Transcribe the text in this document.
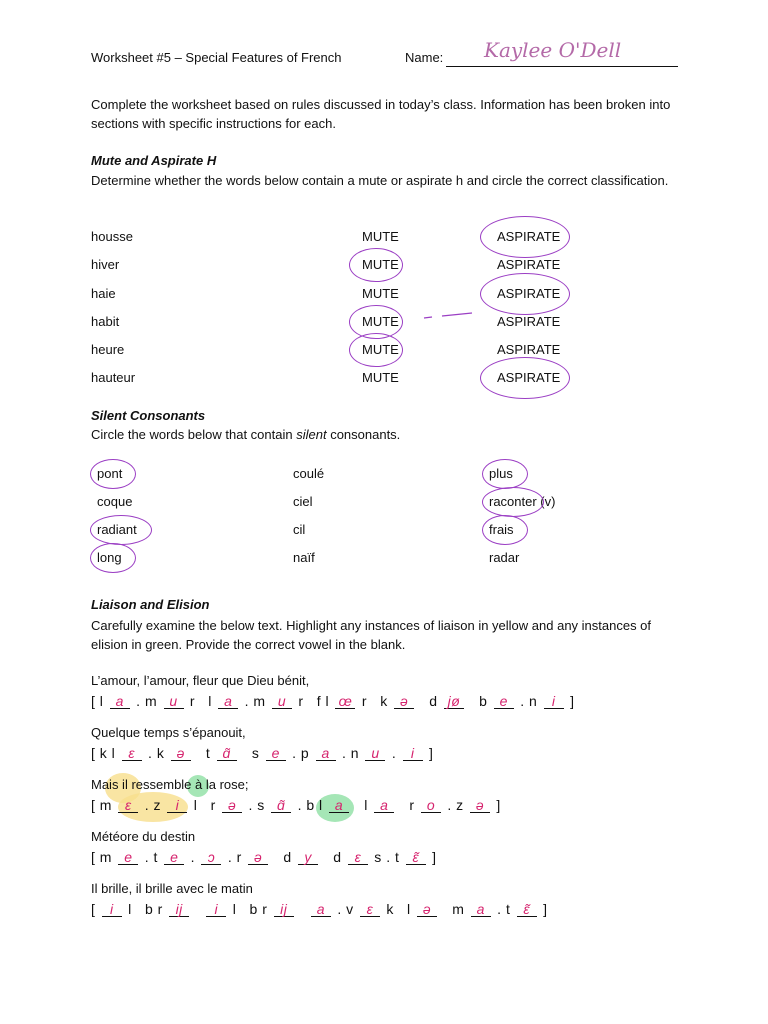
Worksheet #5 – Special Features of French	Name: Kaylee O'Dell
Complete the worksheet based on rules discussed in today’s class. Information has been broken into sections with specific instructions for each.
Mute and Aspirate H
Determine whether the words below contain a mute or aspirate h and circle the correct classification.
housse	MUTE	ASPIRATE
hiver	MUTE	ASPIRATE
haie	MUTE	ASPIRATE
habit	MUTE	ASPIRATE
heure	MUTE	ASPIRATE
hauteur	MUTE	ASPIRATE
Silent Consonants
Circle the words below that contain silent consonants.
pont	coulé	plus
coque	ciel	raconter (v)
radiant	cil	frais
long	naïf	radar
Liaison and Elision
Carefully examine the below text. Highlight any instances of liaison in yellow and any instances of elision in green. Provide the correct vowel in the blank.
L’amour, l’amour, fleur que Dieu bénit,
[ l a . m u r   l a . m u r   f l œ r   k ə   d jø   b e . n i ]
Quelque temps s’épanouit,
[ k l ɛ . k ə   t ɑ̃   s e . p a . n u . i ]
Mais il ressemble à la rose;
[ m ɛ . z i l   r ə . s ɑ̃ . b l a   l a   r o . z ə ]
Météore du destin
[ m e . t e . ɔ . r ə   d y   d ɛ s . t ɛ̃ ]
Il brille, il brille avec le matin
[ i l   b r ij i l   b r ij a . v ɛ k   l ə   m a . t ɛ̃ ]
